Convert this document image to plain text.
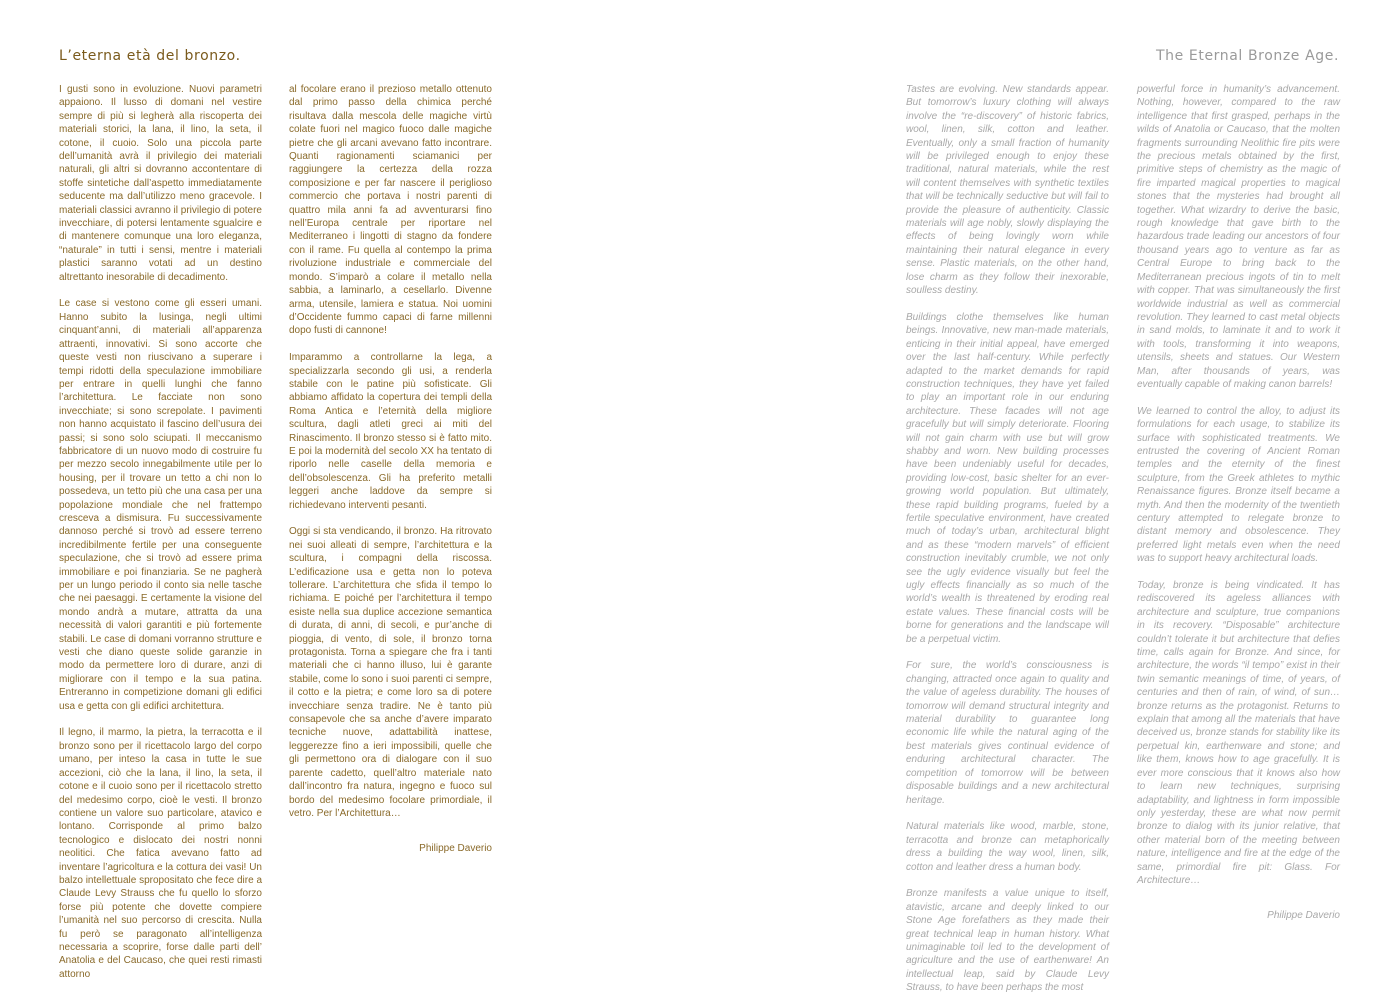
L’eterna età del bronzo.	The Eternal Bronze Age.

I gusti sono in evoluzione. Nuovi parametri appaiono. Il lusso di domani nel vestire sempre di più si legherà alla riscoperta dei materiali storici, la lana, il lino, la seta, il cotone, il cuoio. Solo una piccola parte dell’umanità avrà il privilegio dei materiali naturali, gli altri si dovranno accontentare di stoffe sintetiche dall’aspetto immediatamente seducente ma dall’utilizzo meno gracevole. I materiali classici avranno il privilegio di potere invecchiare, di potersi lentamente sgualcire e di mantenere comunque una loro eleganza, “naturale” in tutti i sensi, mentre i materiali plastici saranno votati ad un destino altrettanto inesorabile di decadimento.

Le case si vestono come gli esseri umani. Hanno subito la lusinga, negli ultimi cinquant’anni, di materiali all’apparenza attraenti, innovativi. Si sono accorte che queste vesti non riuscivano a superare i tempi ridotti della speculazione immobiliare per entrare in quelli lunghi che fanno l’architettura. Le facciate non sono invecchiate; si sono screpolate. I pavimenti non hanno acquistato il fascino dell’usura dei passi; si sono solo sciupati. Il meccanismo fabbricatore di un nuovo modo di costruire fu per mezzo secolo innegabilmente utile per lo housing, per il trovare un tetto a chi non lo possedeva, un tetto più che una casa per una popolazione mondiale che nel frattempo cresceva a dismisura. Fu successivamente dannoso perché si trovò ad essere terreno incredibilmente fertile per una conseguente speculazione, che si trovò ad essere prima immobiliare e poi finanziaria. Se ne pagherà per un lungo periodo il conto sia nelle tasche che nei paesaggi. E certamente la visione del mondo andrà a mutare, attratta da una necessità di valori garantiti e più fortemente stabili. Le case di domani vorranno strutture e vesti che diano queste solide garanzie in modo da permettere loro di durare, anzi di migliorare con il tempo e la sua patina. Entreranno in competizione domani gli edifici usa e getta con gli edifici architettura.

Il legno, il marmo, la pietra, la terracotta e il bronzo sono per il ricettacolo largo del corpo umano, per inteso la casa in tutte le sue accezioni, ciò che la lana, il lino, la seta, il cotone e il cuoio sono per il ricettacolo stretto del medesimo corpo, cioè le vesti. Il bronzo contiene un valore suo particolare, atavico e lontano. Corrisponde al primo balzo tecnologico e dislocato dei nostri nonni neolitici. Che fatica avevano fatto ad inventare l’agricoltura e la cottura dei vasi! Un balzo intellettuale spropositato che fece dire a Claude Levy Strauss che fu quello lo sforzo forse più potente che dovette compiere l’umanità nel suo percorso di crescita. Nulla fu però se paragonato all’intelligenza necessaria a scoprire, forse dalle parti dell’ Anatolia e del Caucaso, che quei resti rimasti attorno

al focolare erano il prezioso metallo ottenuto dal primo passo della chimica perché risultava dalla mescola delle magiche virtù colate fuori nel magico fuoco dalle magiche pietre che gli arcani avevano fatto incontrare. Quanti ragionamenti sciamanici per raggiungere la certezza della rozza composizione e per far nascere il periglioso commercio che portava i nostri parenti di quattro mila anni fa ad avventurarsi fino nell’Europa centrale per riportare nel Mediterraneo i lingotti di stagno da fondere con il rame. Fu quella al contempo la prima rivoluzione industriale e commerciale del mondo. S’imparò a colare il metallo nella sabbia, a laminarlo, a cesellarlo. Divenne arma, utensile, lamiera e statua. Noi uomini d’Occidente fummo capaci di farne millenni dopo fusti di cannone!

Imparammo a controllarne la lega, a specializzarla secondo gli usi, a renderla stabile con le patine più sofisticate. Gli abbiamo affidato la copertura dei templi della Roma Antica e l’eternità della migliore scultura, dagli atleti greci ai miti del Rinascimento. Il bronzo stesso si è fatto mito. E poi la modernità del secolo XX ha tentato di riporlo nelle caselle della memoria e dell’obsolescenza. Gli ha preferito metalli leggeri anche laddove da sempre si richiedevano interventi pesanti.

Oggi si sta vendicando, il bronzo. Ha ritrovato nei suoi alleati di sempre, l’architettura e la scultura, i compagni della riscossa. L’edificazione usa e getta non lo poteva tollerare. L’architettura che sfida il tempo lo richiama. E poiché per l’architettura il tempo esiste nella sua duplice accezione semantica di durata, di anni, di secoli, e pur’anche di pioggia, di vento, di sole, il bronzo torna protagonista. Torna a spiegare che fra i tanti materiali che ci hanno illuso, lui è garante stabile, come lo sono i suoi parenti ci sempre, il cotto e la pietra; e come loro sa di potere invecchiare senza tradire. Ne è tanto più consapevole che sa anche d’avere imparato tecniche nuove, adattabilità inattese, leggerezze fino a ieri impossibili, quelle che gli permettono ora di dialogare con il suo parente cadetto, quell’altro materiale nato dall’incontro fra natura, ingegno e fuoco sul bordo del medesimo focolare primordiale, il vetro. Per l’Architettura…

Philippe Daverio

Tastes are evolving. New standards appear. But tomorrow’s luxury clothing will always involve the “re-discovery” of historic fabrics, wool, linen, silk, cotton and leather. Eventually, only a small fraction of humanity will be privileged enough to enjoy these traditional, natural materials, while the rest will content themselves with synthetic textiles that will be technically seductive but will fail to provide the pleasure of authenticity. Classic materials will age nobly, slowly displaying the effects of being lovingly worn while maintaining their natural elegance in every sense. Plastic materials, on the other hand, lose charm as they follow their inexorable, soulless destiny.

Buildings clothe themselves like human beings. Innovative, new man-made materials, enticing in their initial appeal, have emerged over the last half-century. While perfectly adapted to the market demands for rapid construction techniques, they have yet failed to play an important role in our enduring architecture. These facades will not age gracefully but will simply deteriorate. Flooring will not gain charm with use but will grow shabby and worn. New building processes have been undeniably useful for decades, providing low-cost, basic shelter for an ever-growing world population. But ultimately, these rapid building programs, fueled by a fertile speculative environment, have created much of today’s urban, architectural blight and as these “modern marvels” of efficient construction inevitably crumble, we not only see the ugly evidence visually but feel the ugly effects financially as so much of the world’s wealth is threatened by eroding real estate values. These financial costs will be borne for generations and the landscape will be a perpetual victim.

For sure, the world’s consciousness is changing, attracted once again to quality and the value of ageless durability. The houses of tomorrow will demand structural integrity and material durability to guarantee long economic life while the natural aging of the best materials gives continual evidence of enduring architectural character. The competition of tomorrow will be between disposable buildings and a new architectural heritage.

Natural materials like wood, marble, stone, terracotta and bronze can metaphorically dress a building the way wool, linen, silk, cotton and leather dress a human body.

Bronze manifests a value unique to itself, atavistic, arcane and deeply linked to our Stone Age forefathers as they made their great technical leap in human history. What unimaginable toil led to the development of agriculture and the use of earthenware! An intellectual leap, said by Claude Levy Strauss, to have been perhaps the most

powerful force in humanity’s advancement. Nothing, however, compared to the raw intelligence that first grasped, perhaps in the wilds of Anatolia or Caucaso, that the molten fragments surrounding Neolithic fire pits were the precious metals obtained by the first, primitive steps of chemistry as the magic of fire imparted magical properties to magical stones that the mysteries had brought all together. What wizardry to derive the basic, rough knowledge that gave birth to the hazardous trade leading our ancestors of four thousand years ago to venture as far as Central Europe to bring back to the Mediterranean precious ingots of tin to melt with copper. That was simultaneously the first worldwide industrial as well as commercial revolution. They learned to cast metal objects in sand molds, to laminate it and to work it with tools, transforming it into weapons, utensils, sheets and statues. Our Western Man, after thousands of years, was eventually capable of making canon barrels!

We learned to control the alloy, to adjust its formulations for each usage, to stabilize its surface with sophisticated treatments. We entrusted the covering of Ancient Roman temples and the eternity of the finest sculpture, from the Greek athletes to mythic Renaissance figures. Bronze itself became a myth. And then the modernity of the twentieth century attempted to relegate bronze to distant memory and obsolescence. They preferred light metals even when the need was to support heavy architectural loads.

Today, bronze is being vindicated. It has rediscovered its ageless alliances with architecture and sculpture, true companions in its recovery. “Disposable” architecture couldn’t tolerate it but architecture that defies time, calls again for Bronze. And since, for architecture, the words “il tempo” exist in their twin semantic meanings of time, of years, of centuries and then of rain, of wind, of sun… bronze returns as the protagonist. Returns to explain that among all the materials that have deceived us, bronze stands for stability like its perpetual kin, earthenware and stone; and like them, knows how to age gracefully. It is ever more conscious that it knows also how to learn new techniques, surprising adaptability, and lightness in form impossible only yesterday, these are what now permit bronze to dialog with its junior relative, that other material born of the meeting between nature, intelligence and fire at the edge of the same, primordial fire pit: Glass. For Architecture…

Philippe Daverio
